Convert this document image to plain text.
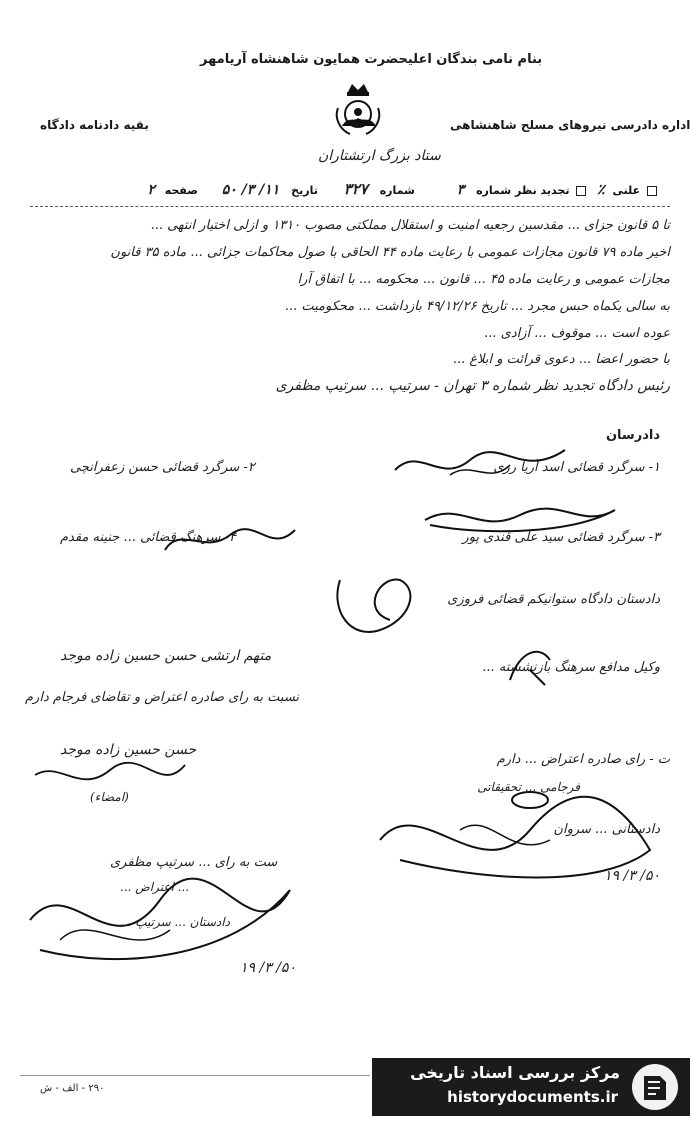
بنام نامی بندگان اعلیحضرت همایون شاهنشاه آریامهر
بقیه دادنامه دادگاه	اداره دادرسی نیروهای مسلح شاهنشاهی
ستاد بزرگ ارتشتاران
علنی ٪  تجدید نظر شماره ۳ شماره ۳۲۷ تاریخ ۱۱/ ۳/ ۵۰ صفحه ۲
تا ۵ قانون جزای ... مقدسین رجعیه امنیت و استقلال مملکتی مصوب ۱۳۱۰ و ازلی اختیار انتهی ...
اخیر ماده ۷۹ قانون مجازات عمومی با رعایت ماده ۴۴ الحاقی با صول محاکمات جزائی ... ماده ۳۵ قانون
مجازات عمومی و رعایت ماده ۴۵ ... قانون ... محکومه ... با اتفاق آرا
به سالی یکماه حبس مجرد ... تاریخ ۴۹/۱۲/۲۶ بازداشت ... محکومیت ...
عوده است ... موقوف ... آزادی ...
با حضور اعضا ... دعوی قرائت و ابلاغ ...
رئیس دادگاه تجدید نظر شماره ۳ تهران - سرتیپ ... سرتیپ مظفری
دادرسان
۱- سرگرد قضائی اسد آریا رزی
۲- سرگرد قضائی حسن زعفرانچی
۳- سرگرد قضائی سید علی قندی پور
۴- سرهنگ قضائی ... جنینه مقدم
دادستان دادگاه ستوانیکم قضائی فروزی
وکیل مدافع سرهنگ بازنشسته ...
متهم ارتشی حسن حسین زاده موجد
نسبت به رای صادره اعتراض و تقاضای فرجام دارم
حسن حسین زاده موجد
(امضاء)
ت - رای صادره اعتراض ... دارم
فرجامی ... تحقیقاتی
دادستانی ... سروان
۵۰/ ۳/ ۱۹
ست به رای ... سرتیپ مظفری
... اعتراض ...
دادستان ... سرتیپ ...
۵۰/ ۳/ ۱۹
۲۹۰ - الف - ش
مرکز بررسی اسناد تاریخی
historydocuments.ir
